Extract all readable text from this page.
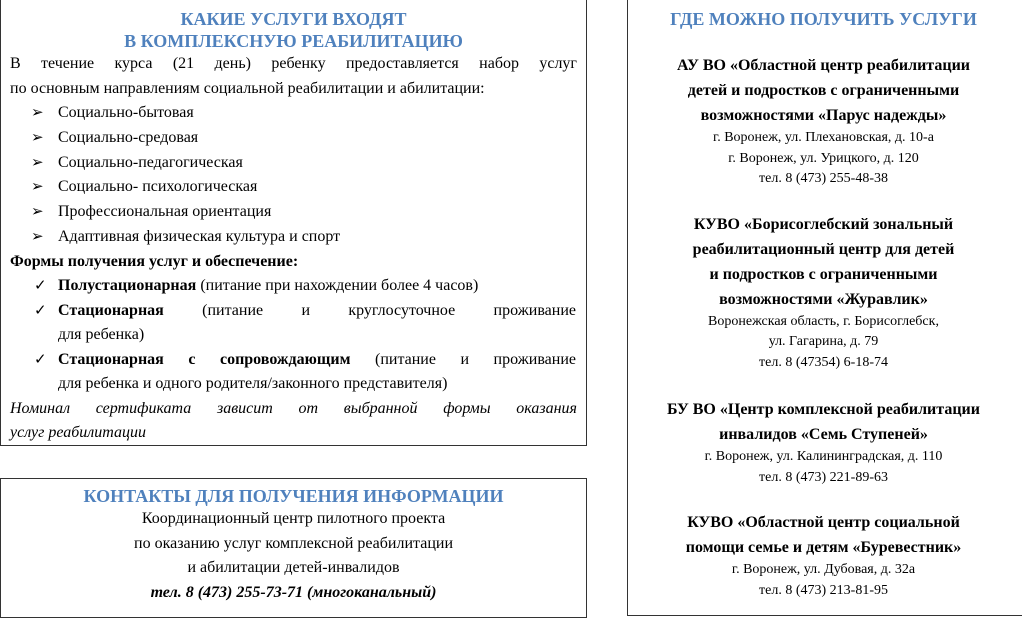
КАКИЕ УСЛУГИ ВХОДЯТ
В КОМПЛЕКСНУЮ РЕАБИЛИТАЦИЮ
В течение курса (21 день) ребенку предоставляется набор услуг
по основным направлениям социальной реабилитации и абилитации:
➢ Социально-бытовая
➢ Социально-средовая
➢ Социально-педагогическая
➢ Социально- психологическая
➢ Профессиональная ориентация
➢ Адаптивная физическая культура и спорт
Формы получения услуг и обеспечение:
✓ Полустационарная (питание при нахождении более 4 часов)
✓ Стационарная (питание и круглосуточное проживание
для ребенка)
✓ Стационарная с сопровождающим (питание и проживание
для ребенка и одного родителя/законного представителя)
Номинал сертификата зависит от выбранной формы оказания
услуг реабилитации
КОНТАКТЫ ДЛЯ ПОЛУЧЕНИЯ ИНФОРМАЦИИ
Координационный центр пилотного проекта
по оказанию услуг комплексной реабилитации
и абилитации детей-инвалидов
тел. 8 (473) 255-73-71 (многоканальный)
ГДЕ МОЖНО ПОЛУЧИТЬ УСЛУГИ
АУ ВО «Областной центр реабилитации
детей и подростков с ограниченными
возможностями «Парус надежды»
г. Воронеж, ул. Плехановская, д. 10-а
г. Воронеж, ул. Урицкого, д. 120
тел. 8 (473) 255-48-38
КУВО «Борисоглебский зональный
реабилитационный центр для детей
и подростков с ограниченными
возможностями «Журавлик»
Воронежская область, г. Борисоглебск,
ул. Гагарина, д. 79
тел. 8 (47354) 6-18-74
БУ ВО «Центр комплексной реабилитации
инвалидов «Семь Ступеней»
г. Воронеж, ул. Калининградская, д. 110
тел. 8 (473) 221-89-63
КУВО «Областной центр социальной
помощи семье и детям «Буревестник»
г. Воронеж, ул. Дубовая, д. 32а
тел. 8 (473) 213-81-95
